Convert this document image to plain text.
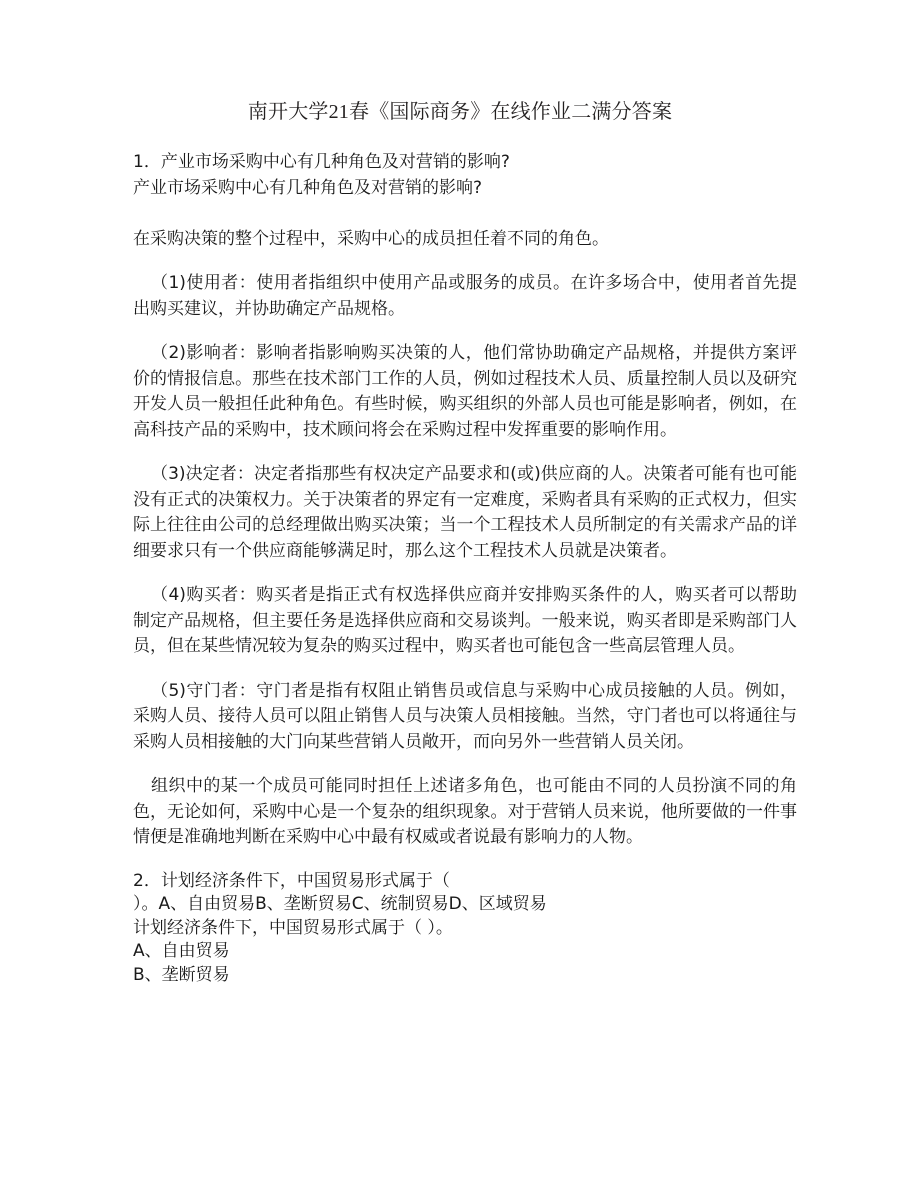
南开大学21春《国际商务》在线作业二满分答案
1．产业市场采购中心有几种角色及对营销的影响?
产业市场采购中心有几种角色及对营销的影响?

在采购决策的整个过程中，采购中心的成员担任着不同的角色。

（1)使用者：使用者指组织中使用产品或服务的成员。在许多场合中，使用者首先提出购买建议，并协助确定产品规格。

（2)影响者：影响者指影响购买决策的人，他们常协助确定产品规格，并提供方案评价的情报信息。那些在技术部门工作的人员，例如过程技术人员、质量控制人员以及研究开发人员一般担任此种角色。有些时候，购买组织的外部人员也可能是影响者，例如，在高科技产品的采购中，技术顾问将会在采购过程中发挥重要的影响作用。

（3)决定者：决定者指那些有权决定产品要求和(或)供应商的人。决策者可能有也可能没有正式的决策权力。关于决策者的界定有一定难度，采购者具有采购的正式权力，但实际上往往由公司的总经理做出购买决策；当一个工程技术人员所制定的有关需求产品的详细要求只有一个供应商能够满足时，那么这个工程技术人员就是决策者。

（4)购买者：购买者是指正式有权选择供应商并安排购买条件的人，购买者可以帮助制定产品规格，但主要任务是选择供应商和交易谈判。一般来说，购买者即是采购部门人员，但在某些情况较为复杂的购买过程中，购买者也可能包含一些高层管理人员。

（5)守门者：守门者是指有权阻止销售员或信息与采购中心成员接触的人员。例如，采购人员、接待人员可以阻止销售人员与决策人员相接触。当然，守门者也可以将通往与采购人员相接触的大门向某些营销人员敞开，而向另外一些营销人员关闭。

组织中的某一个成员可能同时担任上述诸多角色，也可能由不同的人员扮演不同的角色，无论如何，采购中心是一个复杂的组织现象。对于营销人员来说，他所要做的一件事情便是准确地判断在采购中心中最有权威或者说最有影响力的人物。

2．计划经济条件下，中国贸易形式属于（
）。A、自由贸易B、垄断贸易C、统制贸易D、区域贸易
计划经济条件下，中国贸易形式属于（ ）。
A、自由贸易
B、垄断贸易
